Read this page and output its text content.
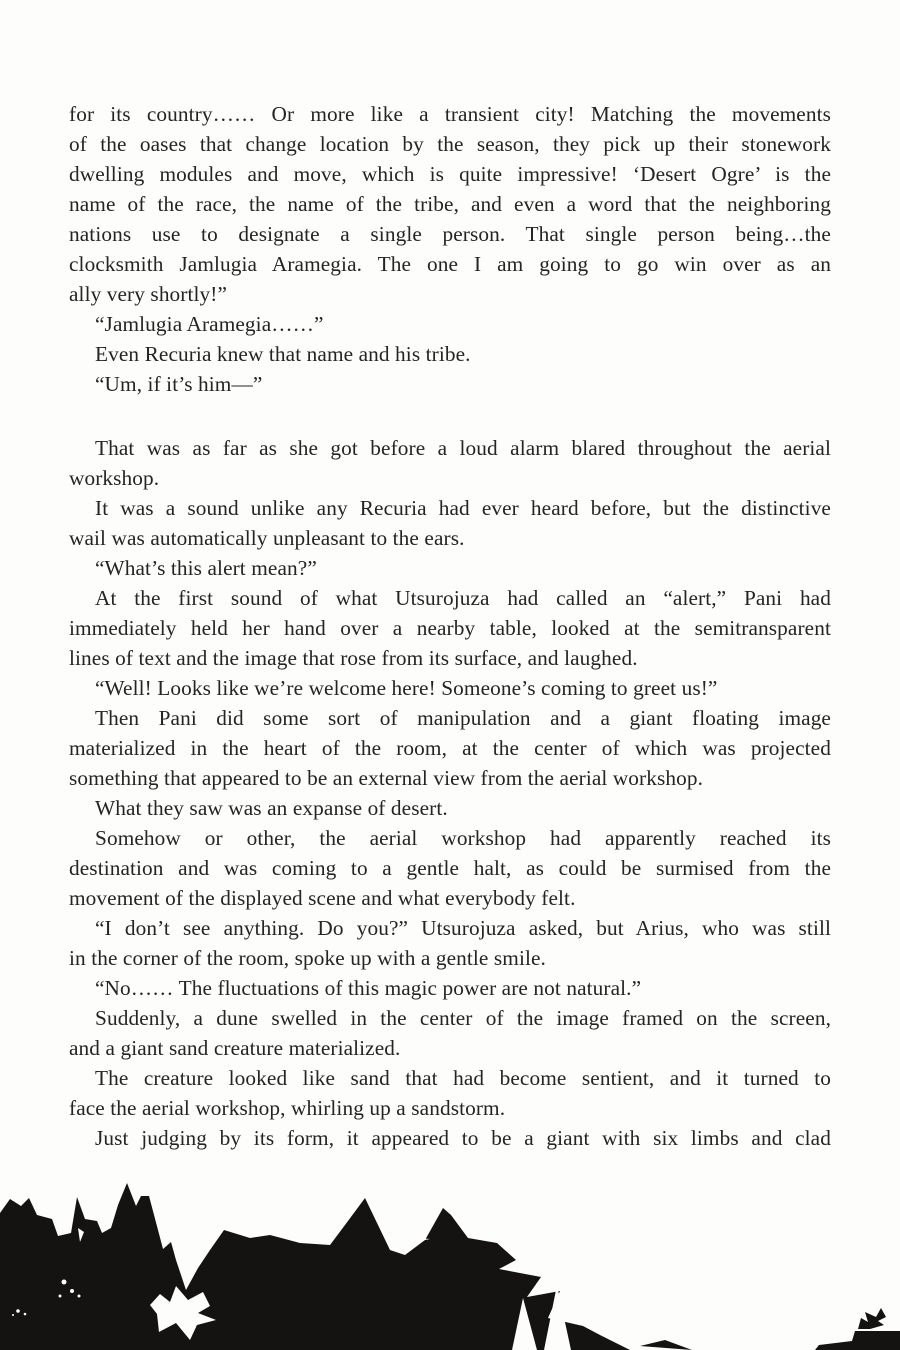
for its country…… Or more like a transient city! Matching the movements
of the oases that change location by the season, they pick up their stonework
dwelling modules and move, which is quite impressive! ‘Desert Ogre’ is the
name of the race, the name of the tribe, and even a word that the neighboring
nations use to designate a single person. That single person being…the
clocksmith Jamlugia Aramegia. The one I am going to go win over as an
ally very shortly!”
“Jamlugia Aramegia……”
Even Recuria knew that name and his tribe.
“Um, if it’s him—”
That was as far as she got before a loud alarm blared throughout the aerial
workshop.
It was a sound unlike any Recuria had ever heard before, but the distinctive
wail was automatically unpleasant to the ears.
“What’s this alert mean?”
At the first sound of what Utsurojuza had called an “alert,” Pani had
immediately held her hand over a nearby table, looked at the semitransparent
lines of text and the image that rose from its surface, and laughed.
“Well! Looks like we’re welcome here! Someone’s coming to greet us!”
Then Pani did some sort of manipulation and a giant floating image
materialized in the heart of the room, at the center of which was projected
something that appeared to be an external view from the aerial workshop.
What they saw was an expanse of desert.
Somehow or other, the aerial workshop had apparently reached its
destination and was coming to a gentle halt, as could be surmised from the
movement of the displayed scene and what everybody felt.
“I don’t see anything. Do you?” Utsurojuza asked, but Arius, who was still
in the corner of the room, spoke up with a gentle smile.
“No…… The fluctuations of this magic power are not natural.”
Suddenly, a dune swelled in the center of the image framed on the screen,
and a giant sand creature materialized.
The creature looked like sand that had become sentient, and it turned to
face the aerial workshop, whirling up a sandstorm.
Just judging by its form, it appeared to be a giant with six limbs and clad
